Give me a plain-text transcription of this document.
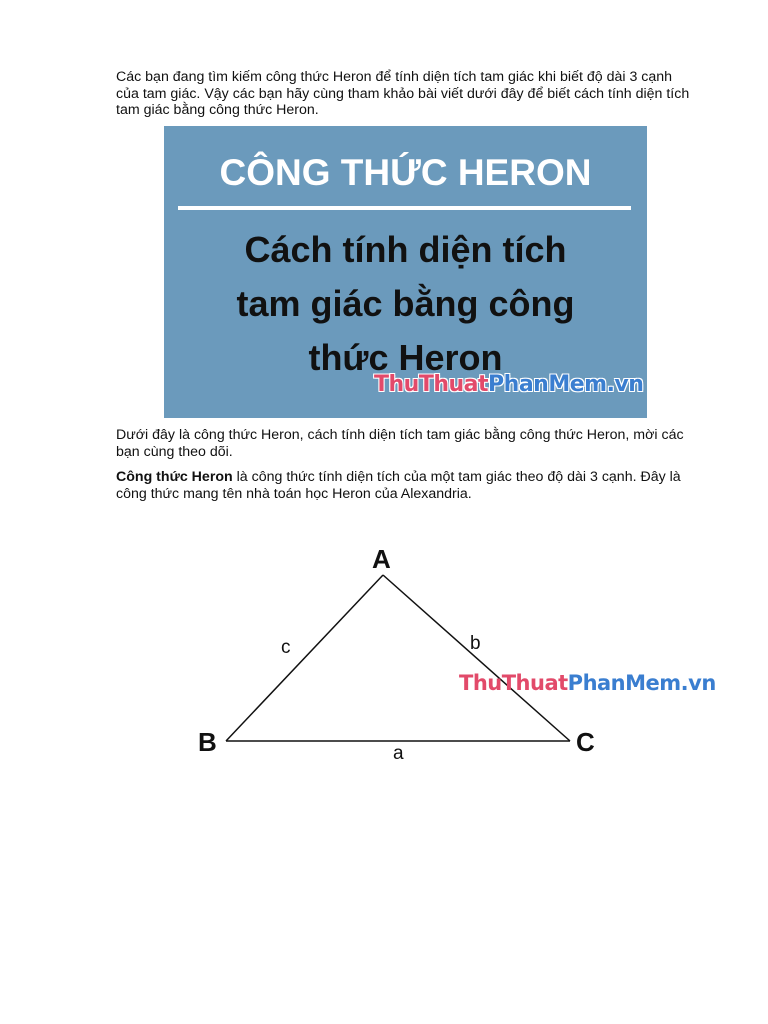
Các bạn đang tìm kiếm công thức Heron để tính diện tích tam giác khi biết độ dài 3 cạnh của tam giác. Vậy các bạn hãy cùng tham khảo bài viết dưới đây để biết cách tính diện tích tam giác bằng công thức Heron.

CÔNG THỨC HERON
Cách tính diện tích
tam giác bằng công
thức Heron
ThuThuatPhanMem.vn

Dưới đây là công thức Heron, cách tính diện tích tam giác bằng công thức Heron, mời các bạn cùng theo dõi.

Công thức Heron là công thức tính diện tích của một tam giác theo độ dài 3 cạnh. Đây là công thức mang tên nhà toán học Heron của Alexandria.

A
B	C
c	b
a
ThuThuatPhanMem.vn
